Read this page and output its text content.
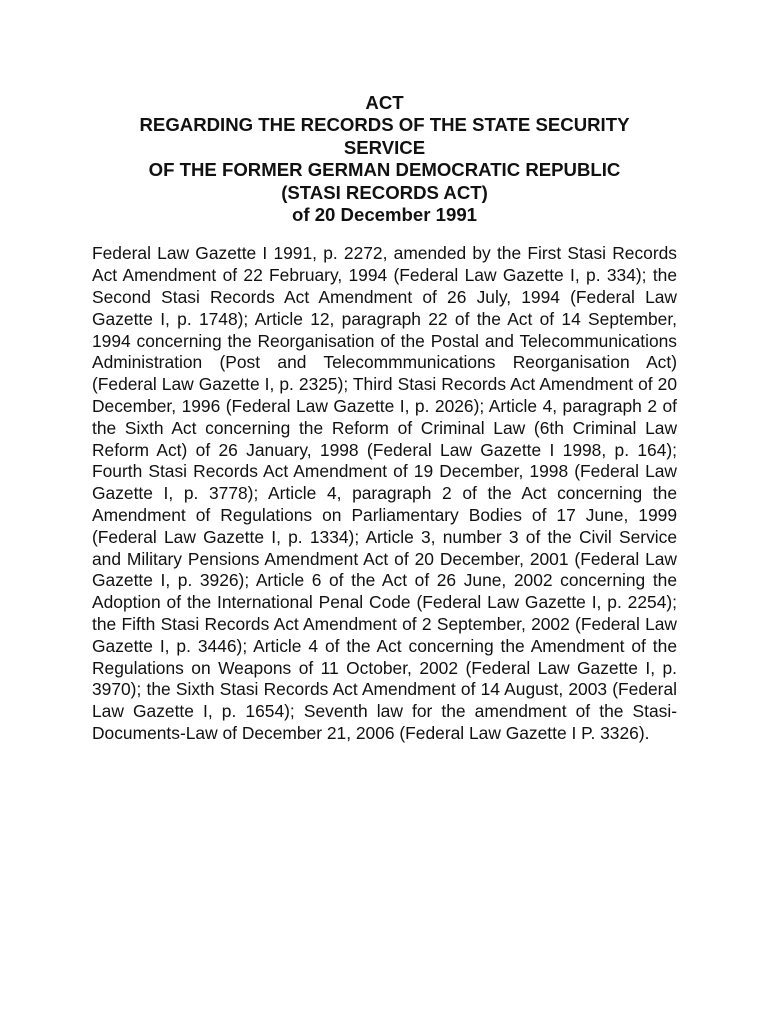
ACT
REGARDING THE RECORDS OF THE STATE SECURITY
SERVICE
OF THE FORMER GERMAN DEMOCRATIC REPUBLIC
(STASI RECORDS ACT)
of 20 December 1991

Federal Law Gazette I 1991, p. 2272, amended by the First Stasi Records Act Amendment of 22 February, 1994 (Federal Law Gazette I, p. 334); the Second Stasi Records Act Amendment of 26 July, 1994 (Federal Law Gazette I, p. 1748); Article 12, paragraph 22 of the Act of 14 September, 1994 concerning the Reorganisation of the Postal and Telecommunications Administration (Post and Telecommmunications Reorganisation Act) (Federal Law Gazette I, p. 2325); Third Stasi Records Act Amendment of 20 December, 1996 (Federal Law Gazette I, p. 2026); Article 4, paragraph 2 of the Sixth Act concerning the Reform of Criminal Law (6th Criminal Law Reform Act) of 26 January, 1998 (Federal Law Gazette I 1998, p. 164); Fourth Stasi Records Act Amendment of 19 December, 1998 (Federal Law Gazette I, p. 3778); Article 4, paragraph 2 of the Act concerning the Amendment of Regulations on Parliamentary Bodies of 17 June, 1999 (Federal Law Gazette I, p. 1334); Article 3, number 3 of the Civil Service and Military Pensions Amendment Act of 20 December, 2001 (Federal Law Gazette I, p. 3926); Article 6 of the Act of 26 June, 2002 concerning the Adoption of the International Penal Code (Federal Law Gazette I, p. 2254); the Fifth Stasi Records Act Amendment of 2 September, 2002 (Federal Law Gazette I, p. 3446); Article 4 of the Act concerning the Amendment of the Regulations on Weapons of 11 October, 2002 (Federal Law Gazette I, p. 3970); the Sixth Stasi Records Act Amendment of 14 August, 2003 (Federal Law Gazette I, p. 1654); Seventh law for the amendment of the Stasi-Documents-Law of December 21, 2006 (Federal Law Gazette I P. 3326).
